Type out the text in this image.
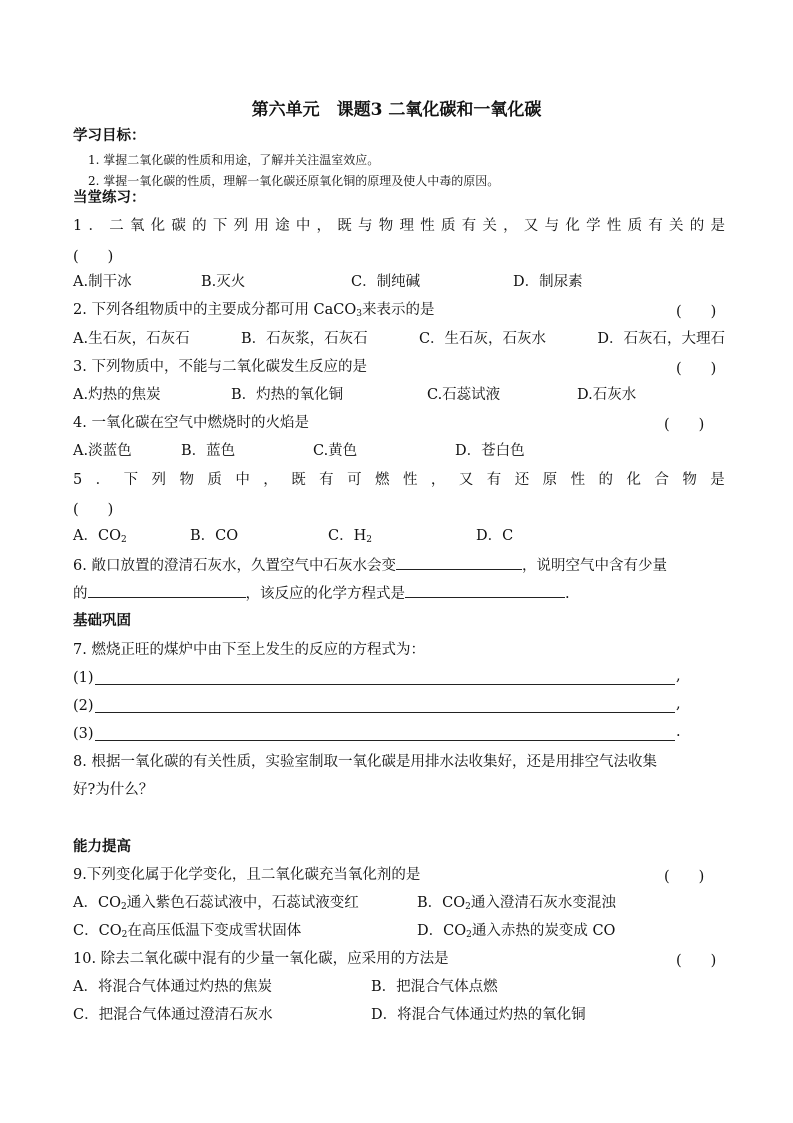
第六单元　课题3 二氧化碳和一氧化碳
学习目标：
1. 掌握二氧化碳的性质和用途，了解并关注温室效应。
2. 掌握一氧化碳的性质，理解一氧化碳还原氧化铜的原理及使人中毒的原因。
当堂练习：
1 ． 二 氧 化 碳 的 下 列 用 途 中 ， 既 与 物 理 性 质 有 关 ， 又 与 化 学 性 质 有 关 的 是
(　　)
A.制干冰	B.灭火	C．制纯碱	D．制尿素
2. 下列各组物质中的主要成分都可用 CaCO$_3$来表示的是	(　　)
A.生石灰，石灰石	B．石灰浆，石灰石	C．生石灰，石灰水	D．石灰石，大理石
3. 下列物质中，不能与二氧化碳发生反应的是	(　　)
A.灼热的焦炭	B．灼热的氧化铜	C.石蕊试液	D.石灰水
4. 一氧化碳在空气中燃烧时的火焰是	(　　)
A.淡蓝色	B．蓝色	C.黄色	D．苍白色
5 ． 下 列 物 质 中 ， 既 有 可 燃 性 ， 又 有 还 原 性 的 化 合 物 是
(　　)
A．$CO_2$	B．CO	C．$H_2$	D．C
6. 敞口放置的澄清石灰水，久置空气中石灰水会变	，说明空气中含有少量
的	，该反应的化学方程式是	.
基础巩固
7. 燃烧正旺的煤炉中由下至上发生的反应的方程式为：
(1)	,
(2)	,
(3)	.
8. 根据一氧化碳的有关性质，实验室制取一氧化碳是用排水法收集好，还是用排空气法收集
好?为什么？
能力提高
9.下列变化属于化学变化，且二氧化碳充当氧化剂的是	(　　)
A．$CO_2$通入紫色石蕊试液中，石蕊试液变红	B．$CO_2$通入澄清石灰水变混浊
C．$CO_2$在高压低温下变成雪状固体	D．$CO_2$通入赤热的炭变成 CO
10. 除去二氧化碳中混有的少量一氧化碳，应采用的方法是	(　　)
A．将混合气体通过灼热的焦炭	B．把混合气体点燃
C．把混合气体通过澄清石灰水	D．将混合气体通过灼热的氧化铜
